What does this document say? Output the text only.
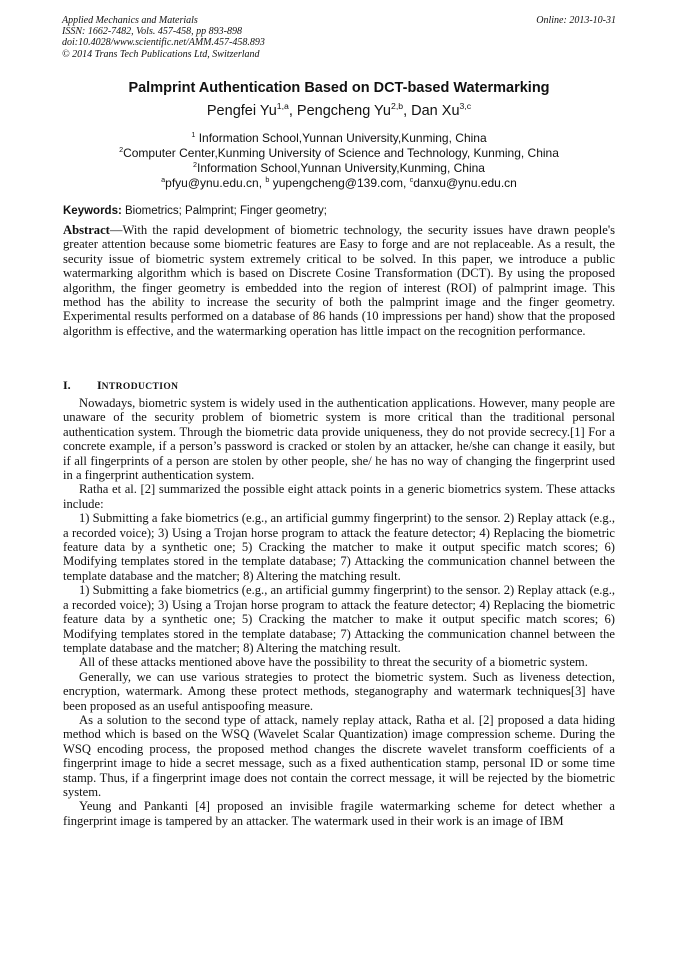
Applied Mechanics and Materials
ISSN: 1662-7482, Vols. 457-458, pp 893-898
doi:10.4028/www.scientific.net/AMM.457-458.893
© 2014 Trans Tech Publications Ltd, Switzerland
Online: 2013-10-31
Palmprint Authentication Based on DCT-based Watermarking
Pengfei Yu$^{1,a}$, Pengcheng Yu$^{2,b}$, Dan Xu$^{3,c}$
$^1$ Information School,Yunnan University,Kunming, China
$^2$Computer Center,Kunming University of Science and Technology, Kunming, China
$^2$Information School,Yunnan University,Kunming, China
$^a$pfyu@ynu.edu.cn, $^b$ yupengcheng@139.com, $^c$danxu@ynu.edu.cn
Keywords: Biometrics; Palmprint; Finger geometry;

Abstract—With the rapid development of biometric technology, the security issues have drawn people's greater attention because some biometric features are Easy to forge and are not replaceable. As a result, the security issue of biometric system extremely critical to be solved. In this paper, we introduce a public watermarking algorithm which is based on Discrete Cosine Transformation (DCT). By using the proposed algorithm, the finger geometry is embedded into the region of interest (ROI) of palmprint image. This method has the ability to increase the security of both the palmprint image and the finger geometry. Experimental results performed on a database of 86 hands (10 impressions per hand) show that the proposed algorithm is effective, and the watermarking operation has little impact on the recognition performance.

I. INTRODUCTION

Nowadays, biometric system is widely used in the authentication applications. However, many people are unaware of the security problem of biometric system is more critical than the traditional personal authentication system. Through the biometric data provide uniqueness, they do not provide secrecy.[1] For a concrete example, if a person’s password is cracked or stolen by an attacker, he/she can change it easily, but if all fingerprints of a person are stolen by other people, she/ he has no way of changing the fingerprint used in a fingerprint authentication system.

Ratha et al. [2] summarized the possible eight attack points in a generic biometrics system. These attacks include:

1) Submitting a fake biometrics (e.g., an artificial gummy fingerprint) to the sensor. 2) Replay attack (e.g., a recorded voice); 3) Using a Trojan horse program to attack the feature detector; 4) Replacing the biometric feature data by a synthetic one; 5) Cracking the matcher to make it output specific match scores; 6) Modifying templates stored in the template database; 7) Attacking the communication channel between the template database and the matcher; 8) Altering the matching result.

1) Submitting a fake biometrics (e.g., an artificial gummy fingerprint) to the sensor. 2) Replay attack (e.g., a recorded voice); 3) Using a Trojan horse program to attack the feature detector; 4) Replacing the biometric feature data by a synthetic one; 5) Cracking the matcher to make it output specific match scores; 6) Modifying templates stored in the template database; 7) Attacking the communication channel between the template database and the matcher; 8) Altering the matching result.

All of these attacks mentioned above have the possibility to threat the security of a biometric system.

Generally, we can use various strategies to protect the biometric system. Such as liveness detection, encryption, watermark. Among these protect methods, steganography and watermark techniques[3] have been proposed as an useful antispoofing measure.

As a solution to the second type of attack, namely replay attack, Ratha et al. [2] proposed a data hiding method which is based on the WSQ (Wavelet Scalar Quantization) image compression scheme. During the WSQ encoding process, the proposed method changes the discrete wavelet transform coefficients of a fingerprint image to hide a secret message, such as a fixed authentication stamp, personal ID or some time stamp. Thus, if a fingerprint image does not contain the correct message, it will be rejected by the biometric system.

Yeung and Pankanti [4] proposed an invisible fragile watermarking scheme for detect whether a fingerprint image is tampered by an attacker. The watermark used in their work is an image of IBM
